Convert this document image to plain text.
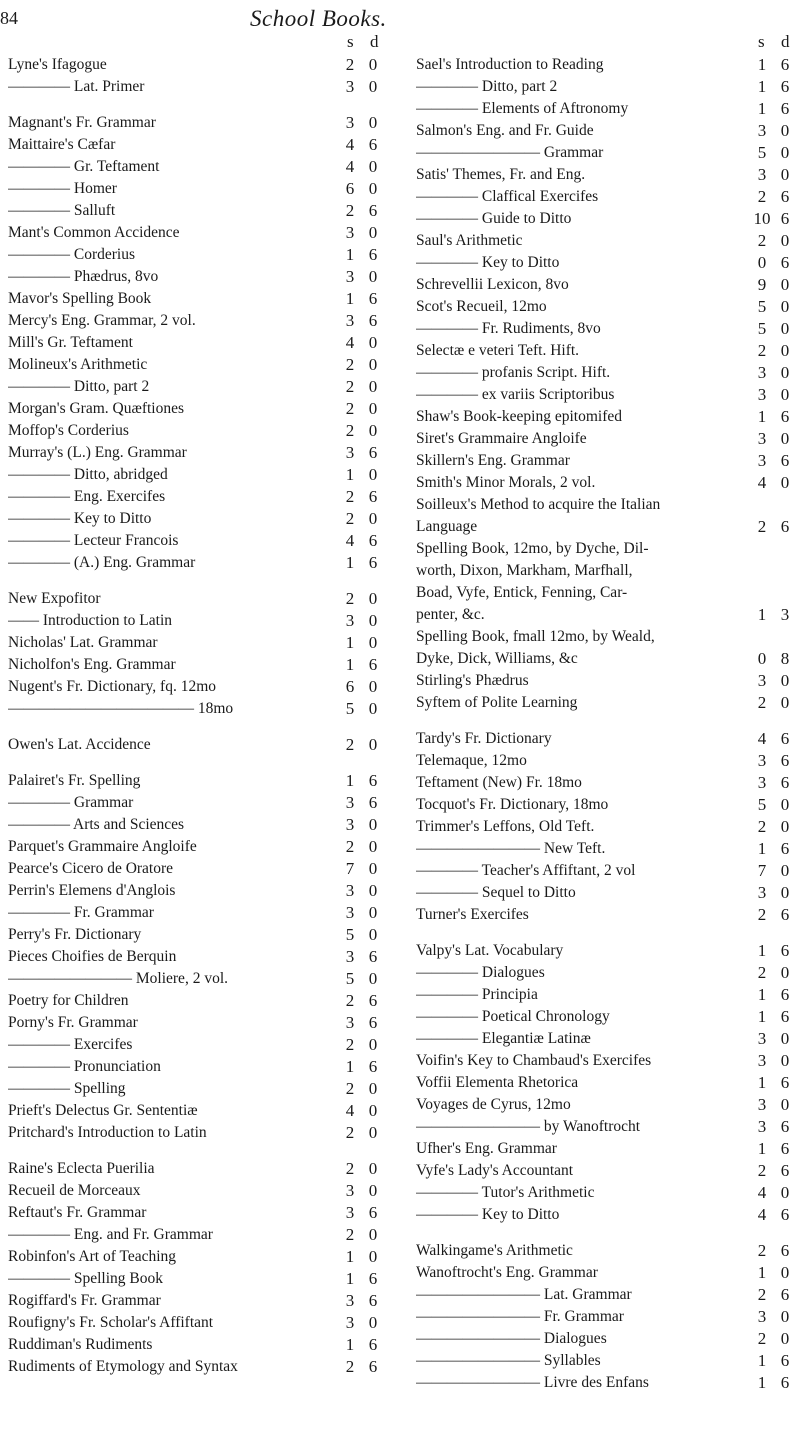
84	School Books.
s d
Lyne's Ifagogue	2 0
———— Lat. Primer	3 0
Magnant's Fr. Grammar	3 0
Maittaire's Cæfar	4 6
———— Gr. Teftament	4 0
———— Homer	6 0
———— Salluft	2 6
Mant's Common Accidence	3 0
———— Corderius	1 6
———— Phædrus, 8vo	3 0
Mavor's Spelling Book	1 6
Mercy's Eng. Grammar, 2 vol.	3 6
Mill's Gr. Teftament	4 0
Molineux's Arithmetic	2 0
———— Ditto, part 2	2 0
Morgan's Gram. Quæftiones	2 0
Moffop's Corderius	2 0
Murray's (L.) Eng. Grammar	3 6
———— Ditto, abridged	1 0
———— Eng. Exercifes	2 6
———— Key to Ditto	2 0
———— Lecteur Francois	4 6
———— (A.) Eng. Grammar	1 6
New Expofitor	2 0
—— Introduction to Latin	3 0
Nicholas' Lat. Grammar	1 0
Nicholfon's Eng. Grammar	1 6
Nugent's Fr. Dictionary, fq. 12mo	6 0
———————————— 18mo	5 0
Owen's Lat. Accidence	2 0
Palairet's Fr. Spelling	1 6
———— Grammar	3 6
———— Arts and Sciences	3 0
Parquet's Grammaire Angloife	2 0
Pearce's Cicero de Oratore	7 0
Perrin's Elemens d'Anglois	3 0
———— Fr. Grammar	3 0
Perry's Fr. Dictionary	5 0
Pieces Choifies de Berquin	3 6
———————— Moliere, 2 vol.	5 0
Poetry for Children	2 6
Porny's Fr. Grammar	3 6
———— Exercifes	2 0
———— Pronunciation	1 6
———— Spelling	2 0
Prieft's Delectus Gr. Sententiæ	4 0
Pritchard's Introduction to Latin	2 0
Raine's Eclecta Puerilia	2 0
Recueil de Morceaux	3 0
Reftaut's Fr. Grammar	3 6
———— Eng. and Fr. Grammar	2 0
Robinfon's Art of Teaching	1 0
———— Spelling Book	1 6
Rogiffard's Fr. Grammar	3 6
Roufigny's Fr. Scholar's Affiftant	3 0
Ruddiman's Rudiments	1 6
Rudiments of Etymology and Syntax	2 6
s d
Sael's Introduction to Reading	1 6
———— Ditto, part 2	1 6
———— Elements of Aftronomy	1 6
Salmon's Eng. and Fr. Guide	3 0
———————— Grammar	5 0
Satis' Themes, Fr. and Eng.	3 0
———— Claffical Exercifes	2 6
———— Guide to Ditto	10 6
Saul's Arithmetic	2 0
———— Key to Ditto	0 6
Schrevellii Lexicon, 8vo	9 0
Scot's Recueil, 12mo	5 0
———— Fr. Rudiments, 8vo	5 0
Selectæ e veteri Teft. Hift.	2 0
———— profanis Script. Hift.	3 0
———— ex variis Scriptoribus	3 0
Shaw's Book-keeping epitomifed	1 6
Siret's Grammaire Angloife	3 0
Skillern's Eng. Grammar	3 6
Smith's Minor Morals, 2 vol.	4 0
Soilleux's Method to acquire the Italian
Language	2 6
Spelling Book, 12mo, by Dyche, Dil-
worth, Dixon, Markham, Marfhall,
Boad, Vyfe, Entick, Fenning, Car-
penter, &c.	1 3
Spelling Book, fmall 12mo, by Weald,
Dyke, Dick, Williams, &c	0 8
Stirling's Phædrus	3 0
Syftem of Polite Learning	2 0
Tardy's Fr. Dictionary	4 6
Telemaque, 12mo	3 6
Teftament (New) Fr. 18mo	3 6
Tocquot's Fr. Dictionary, 18mo	5 0
Trimmer's Leffons, Old Teft.	2 0
———————— New Teft.	1 6
———— Teacher's Affiftant, 2 vol	7 0
———— Sequel to Ditto	3 0
Turner's Exercifes	2 6
Valpy's Lat. Vocabulary	1 6
———— Dialogues	2 0
———— Principia	1 6
———— Poetical Chronology	1 6
———— Elegantiæ Latinæ	3 0
Voifin's Key to Chambaud's Exercifes	3 0
Voffii Elementa Rhetorica	1 6
Voyages de Cyrus, 12mo	3 0
———————— by Wanoftrocht	3 6
Ufher's Eng. Grammar	1 6
Vyfe's Lady's Accountant	2 6
———— Tutor's Arithmetic	4 0
———— Key to Ditto	4 6
Walkingame's Arithmetic	2 6
Wanoftrocht's Eng. Grammar	1 0
———————— Lat. Grammar	2 6
———————— Fr. Grammar	3 0
———————— Dialogues	2 0
———————— Syllables	1 6
———————— Livre des Enfans	1 6
